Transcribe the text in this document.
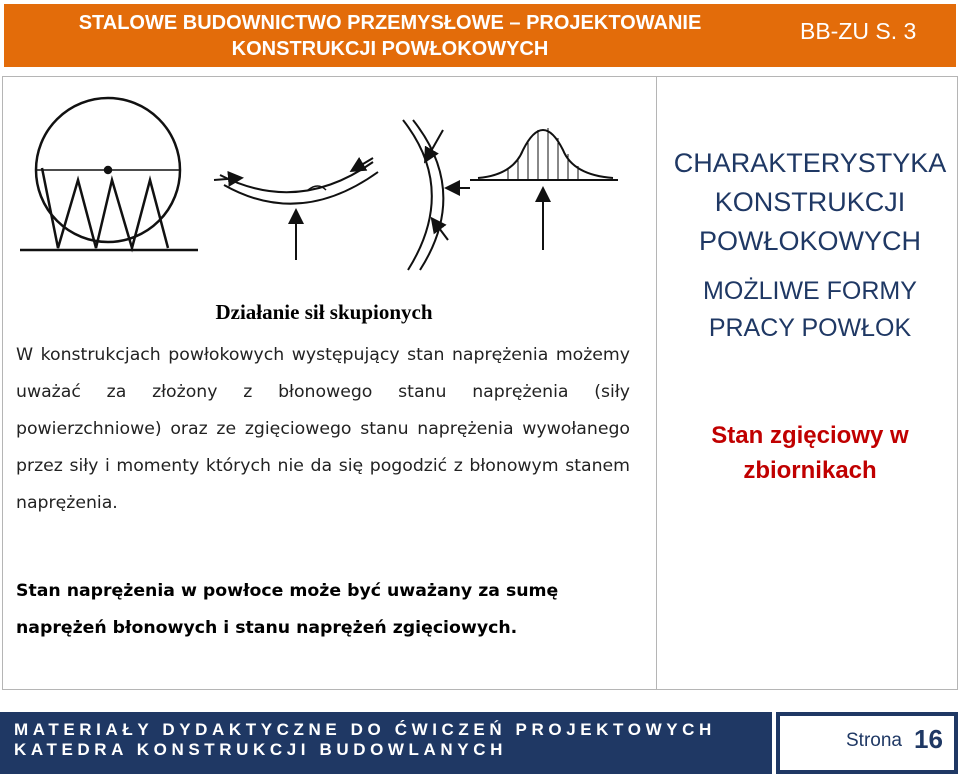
STALOWE BUDOWNICTWO PRZEMYSŁOWE – PROJEKTOWANIE
KONSTRUKCJI POWŁOKOWYCH
BB-ZU S. 3
Działanie sił skupionych
W konstrukcjach powłokowych występujący stan naprężenia możemy uważać za złożony z błonowego stanu naprężenia (siły powierzchniowe) oraz ze zgięciowego stanu naprężenia wywołanego przez siły i momenty których nie da się pogodzić z błonowym stanem naprężenia.
Stan naprężenia w powłoce może być uważany za sumę naprężeń błonowych i stanu naprężeń zgięciowych.
CHARAKTERYSTYKA KONSTRUKCJI POWŁOKOWYCH
MOŻLIWE FORMY PRACY POWŁOK
Stan zgięciowy w zbiornikach
MATERIAŁY DYDAKTYCZNE DO ĆWICZEŃ PROJEKTOWYCH
KATEDRA KONSTRUKCJI BUDOWLANYCH	Strona 16
